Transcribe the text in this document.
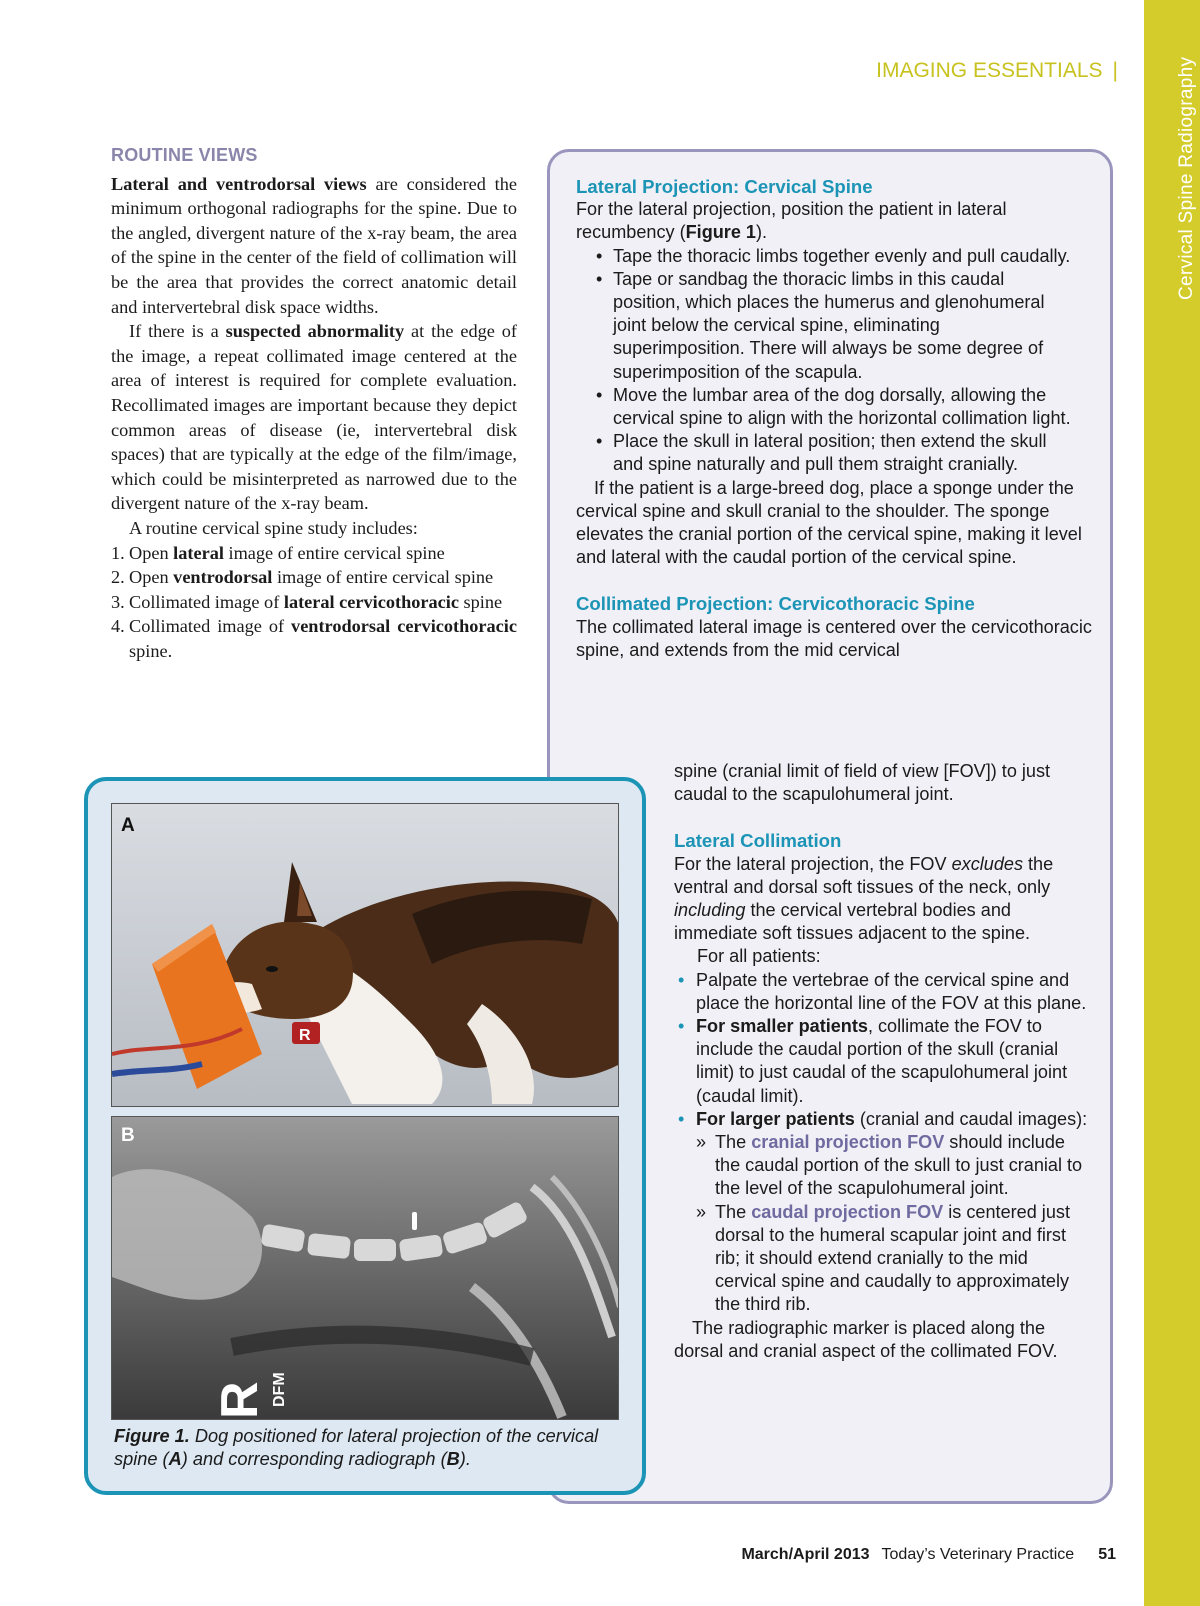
Cervical Spine Radiography
IMAGING ESSENTIALS |
ROUTINE VIEWS

Lateral and ventrodorsal views are considered the minimum orthogonal radiographs for the spine. Due to the angled, divergent nature of the x-ray beam, the area of the spine in the center of the field of collimation will be the area that provides the correct anatomic detail and intervertebral disk space widths.

If there is a suspected abnormality at the edge of the image, a repeat collimated image centered at the area of interest is required for complete evaluation. Recollimated images are important because they depict common areas of disease (ie, intervertebral disk spaces) that are typically at the edge of the film/image, which could be misinterpreted as narrowed due to the divergent nature of the x-ray beam.

A routine cervical spine study includes:

1. Open lateral image of entire cervical spine
2. Open ventrodorsal image of entire cervical spine
3. Collimated image of lateral cervicothoracic spine
4. Collimated image of ventrodorsal cervicothoracic spine.
Lateral Projection: Cervical Spine
For the lateral projection, position the patient in lateral recumbency (Figure 1).
• Tape the thoracic limbs together evenly and pull caudally.
• Tape or sandbag the thoracic limbs in this caudal position, which places the humerus and glenohumeral joint below the cervical spine, eliminating superimposition. There will always be some degree of superimposition of the scapula.
• Move the lumbar area of the dog dorsally, allowing the cervical spine to align with the horizontal collimation light.
• Place the skull in lateral position; then extend the skull and spine naturally and pull them straight cranially.
If the patient is a large-breed dog, place a sponge under the cervical spine and skull cranial to the shoulder. The sponge elevates the cranial portion of the cervical spine, making it level and lateral with the caudal portion of the cervical spine.
Collimated Projection: Cervicothoracic Spine
The collimated lateral image is centered over the cervicothoracic spine, and extends from the mid cervical
spine (cranial limit of field of view [FOV]) to just caudal to the scapulohumeral joint.
Lateral Collimation
For the lateral projection, the FOV excludes the ventral and dorsal soft tissues of the neck, only including the cervical vertebral bodies and immediate soft tissues adjacent to the spine.
For all patients:
• Palpate the vertebrae of the cervical spine and place the horizontal line of the FOV at this plane.
• For smaller patients, collimate the FOV to include the caudal portion of the skull (cranial limit) to just caudal of the scapulohumeral joint (caudal limit).
• For larger patients (cranial and caudal images):
» The cranial projection FOV should include the caudal portion of the skull to just cranial to the level of the scapulohumeral joint.
» The caudal projection FOV is centered just dorsal to the humeral scapular joint and first rib; it should extend cranially to the mid cervical spine and caudally to approximately the third rib.
The radiographic marker is placed along the dorsal and cranial aspect of the collimated FOV.
R
A
R DFM
B
Figure 1. Dog positioned for lateral projection of the cervical spine (A) and corresponding radiograph (B).
March/April 2013 Today’s Veterinary Practice 51
